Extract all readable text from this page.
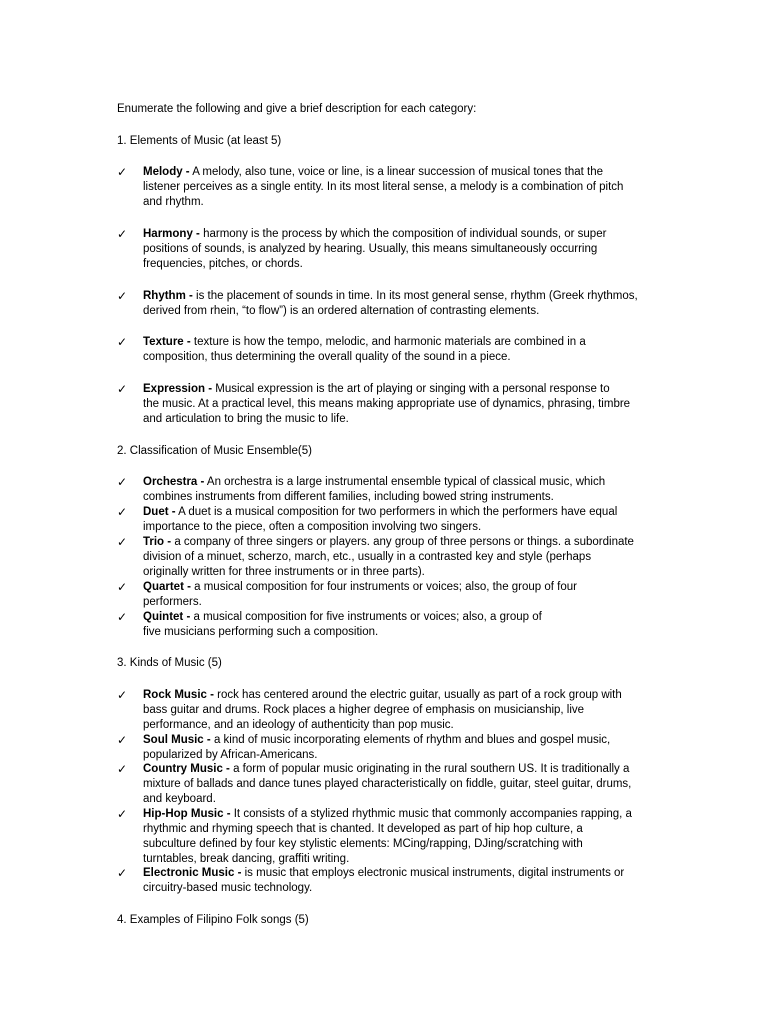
Enumerate the following and give a brief description for each category:
1. Elements of Music (at least 5)
✓	Melody - A melody, also tune, voice or line, is a linear succession of musical tones that the
listener perceives as a single entity. In its most literal sense, a melody is a combination of pitch
and rhythm.
✓	Harmony - harmony is the process by which the composition of individual sounds, or super
positions of sounds, is analyzed by hearing. Usually, this means simultaneously occurring
frequencies, pitches, or chords.
✓	Rhythm - is the placement of sounds in time. In its most general sense, rhythm (Greek rhythmos,
derived from rhein, “to flow”) is an ordered alternation of contrasting elements.
✓	Texture - texture is how the tempo, melodic, and harmonic materials are combined in a
composition, thus determining the overall quality of the sound in a piece.
✓	Expression - Musical expression is the art of playing or singing with a personal response to
the music. At a practical level, this means making appropriate use of dynamics, phrasing, timbre
and articulation to bring the music to life.
2. Classification of Music Ensemble(5)
✓	Orchestra - An orchestra is a large instrumental ensemble typical of classical music, which
combines instruments from different families, including bowed string instruments.
✓	Duet - A duet is a musical composition for two performers in which the performers have equal
importance to the piece, often a composition involving two singers.
✓	Trio - a company of three singers or players. any group of three persons or things. a subordinate
division of a minuet, scherzo, march, etc., usually in a contrasted key and style (perhaps
originally written for three instruments or in three parts).
✓	Quartet - a musical composition for four instruments or voices; also, the group of four
performers.
✓	Quintet - a musical composition for five instruments or voices; also, a group of
five musicians performing such a composition.
3. Kinds of Music (5)
✓	Rock Music - rock has centered around the electric guitar, usually as part of a rock group with
bass guitar and drums. Rock places a higher degree of emphasis on musicianship, live
performance, and an ideology of authenticity than pop music.
✓	Soul Music - a kind of music incorporating elements of rhythm and blues and gospel music,
popularized by African-Americans.
✓	Country Music - a form of popular music originating in the rural southern US. It is traditionally a
mixture of ballads and dance tunes played characteristically on fiddle, guitar, steel guitar, drums,
and keyboard.
✓	Hip-Hop Music - It consists of a stylized rhythmic music that commonly accompanies rapping, a
rhythmic and rhyming speech that is chanted. It developed as part of hip hop culture, a
subculture defined by four key stylistic elements: MCing/rapping, DJing/scratching with
turntables, break dancing, graffiti writing.
✓	Electronic Music - is music that employs electronic musical instruments, digital instruments or
circuitry-based music technology.
4. Examples of Filipino Folk songs (5)
